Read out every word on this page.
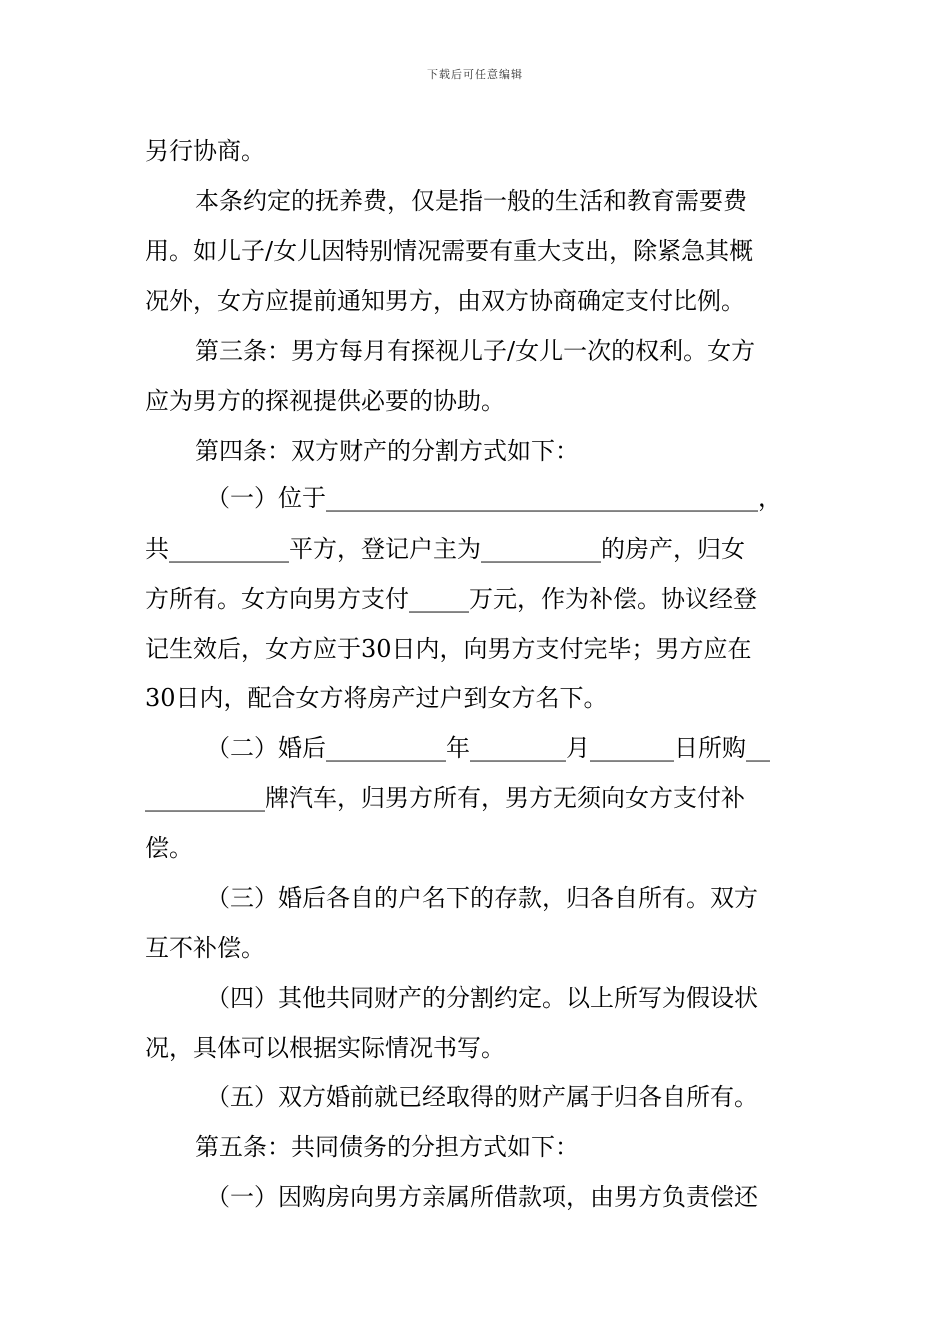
下载后可任意编辑
另行协商。
本条约定的抚养费，仅是指一般的生活和教育需要费
用。如儿子/女儿因特别情况需要有重大支出，除紧急其概
况外，女方应提前通知男方，由双方协商确定支付比例。
第三条：男方每月有探视儿子/女儿一次的权利。女方
应为男方的探视提供必要的协助。
第四条：双方财产的分割方式如下：
（一）位于____________________________________，
共__________平方，登记户主为__________的房产，归女
方所有。女方向男方支付_____万元，作为补偿。协议经登
记生效后，女方应于30日内，向男方支付完毕；男方应在
30日内，配合女方将房产过户到女方名下。
（二）婚后__________年________月_______日所购__
__________牌汽车，归男方所有，男方无须向女方支付补
偿。
（三）婚后各自的户名下的存款，归各自所有。双方
互不补偿。
（四）其他共同财产的分割约定。以上所写为假设状
况，具体可以根据实际情况书写。
（五）双方婚前就已经取得的财产属于归各自所有。
第五条：共同债务的分担方式如下：
（一）因购房向男方亲属所借款项，由男方负责偿还
